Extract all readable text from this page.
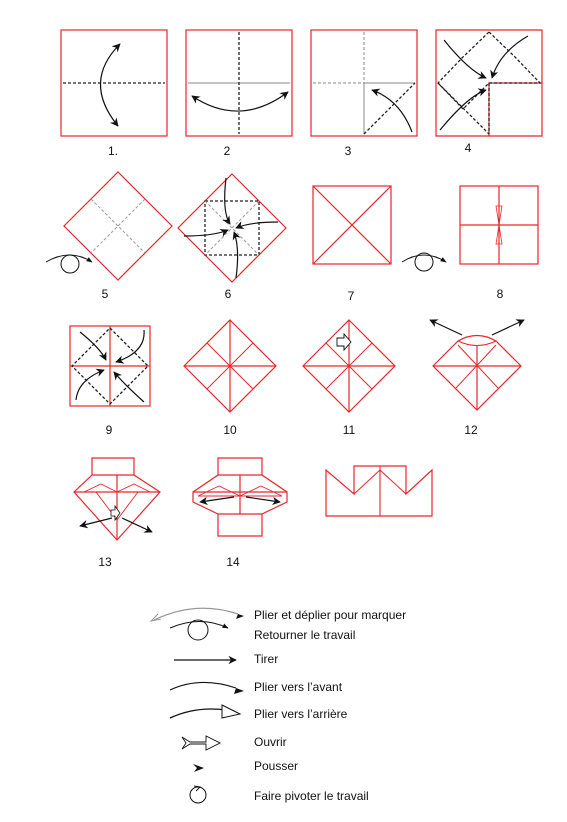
1.	2	3	4
5	6	7	8
9	10	11	12
13	14
Plier et déplier pour marquer
Retourner le travail
Tirer
Plier vers l’avant
Plier vers l’arrière
Ouvrir
Pousser
Faire pivoter le travail
